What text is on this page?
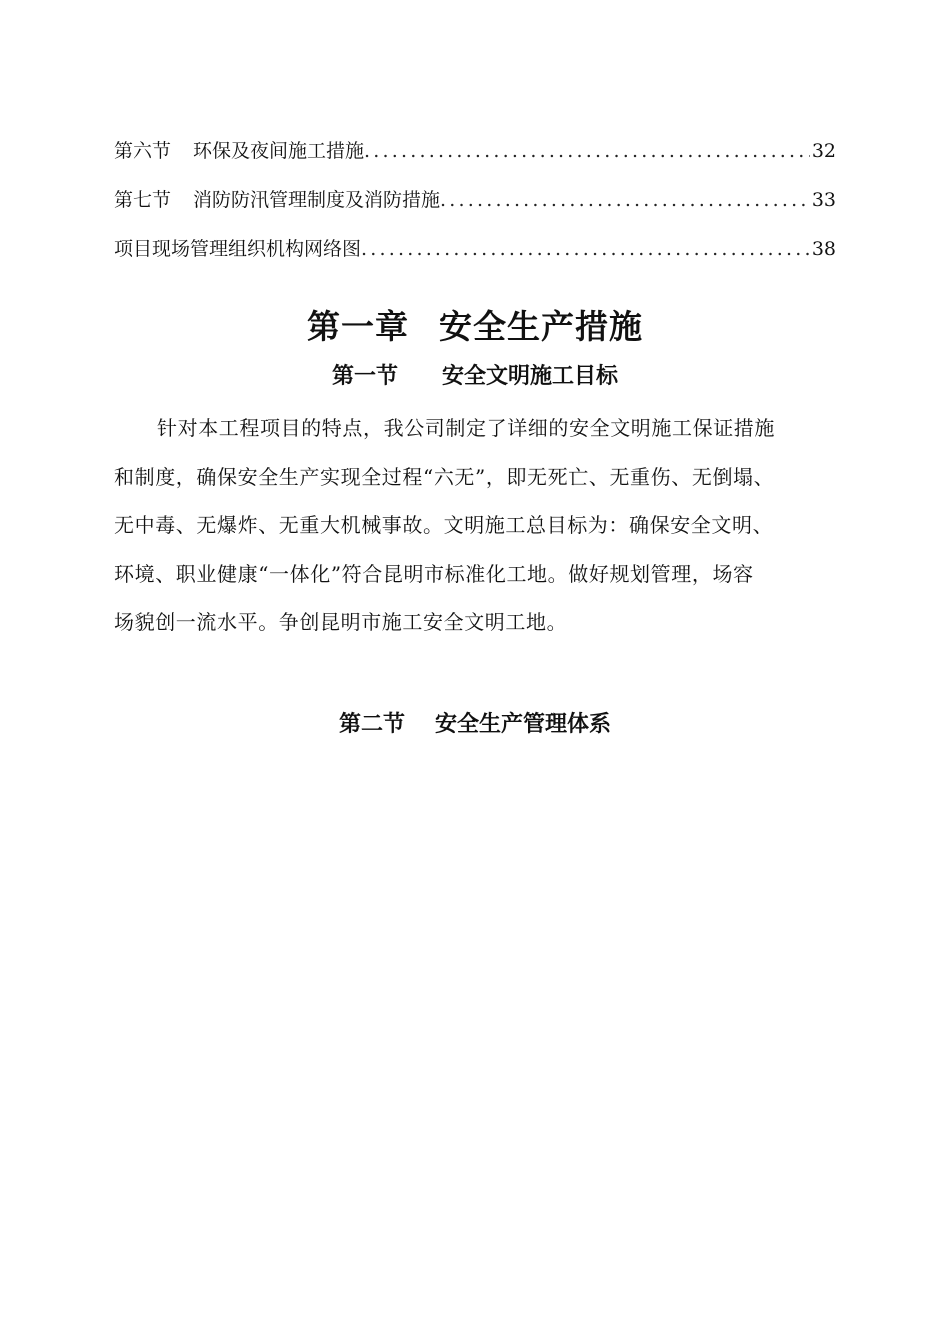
第六节 环保及夜间施工措施 .....	32
第七节 消防防汛管理制度及消防措施 .....	33
项目现场管理组织机构网络图 .....	38
第一章 安全生产措施
第一节 安全文明施工目标
针对本工程项目的特点，我公司制定了详细的安全文明施工保证措施
和制度，确保安全生产实现全过程“六无”，即无死亡、无重伤、无倒塌、
无中毒、无爆炸、无重大机械事故。文明施工总目标为：确保安全文明、
环境、职业健康“一体化”符合昆明市标准化工地。做好规划管理，场容
场貌创一流水平。争创昆明市施工安全文明工地。
第二节 安全生产管理体系
